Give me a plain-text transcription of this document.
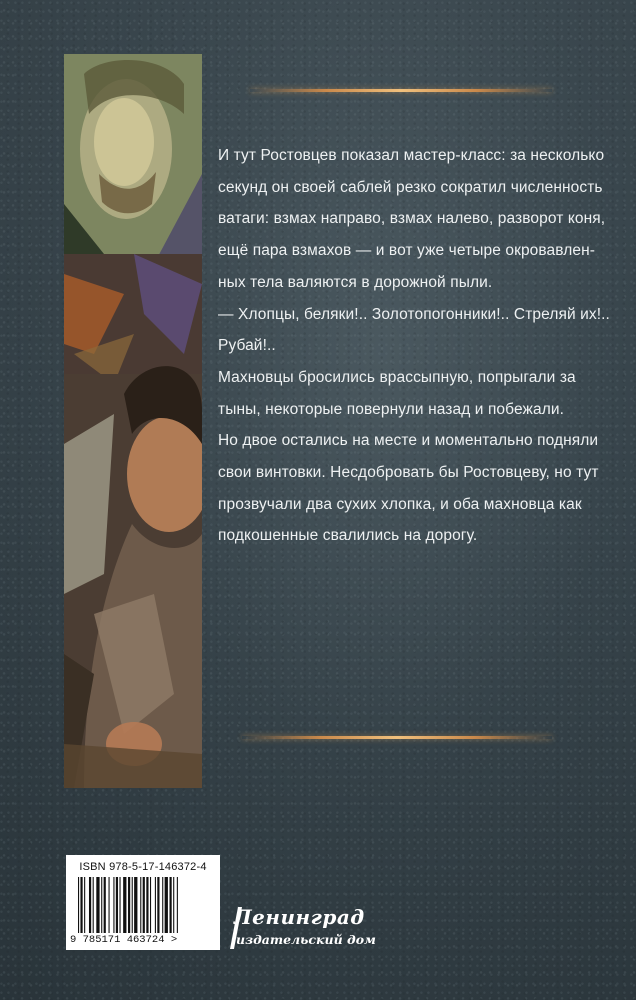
И тут Ростовцев показал мастер-класс: за несколько

секунд он своей саблей резко сократил численность

ватаги: взмах направо, взмах налево, разворот коня,

ещё пара взмахов — и вот уже четыре окровавлен-

ных тела валяются в дорожной пыли.

— Хлопцы, беляки!.. Золотопогонники!.. Стреляй их!..

Рубай!..

Махновцы бросились врассыпную, попрыгали за

тыны, некоторые повернули назад и побежали.

Но двое остались на месте и моментально подняли

свои винтовки. Несдобровать бы Ростовцеву, но тут

прозвучали два сухих хлопка, и оба махновца как

подкошенные свалились на дорогу.

ISBN 978-5-17-146372-4
9 785171 463724 >
Ленинград
издательский дом
